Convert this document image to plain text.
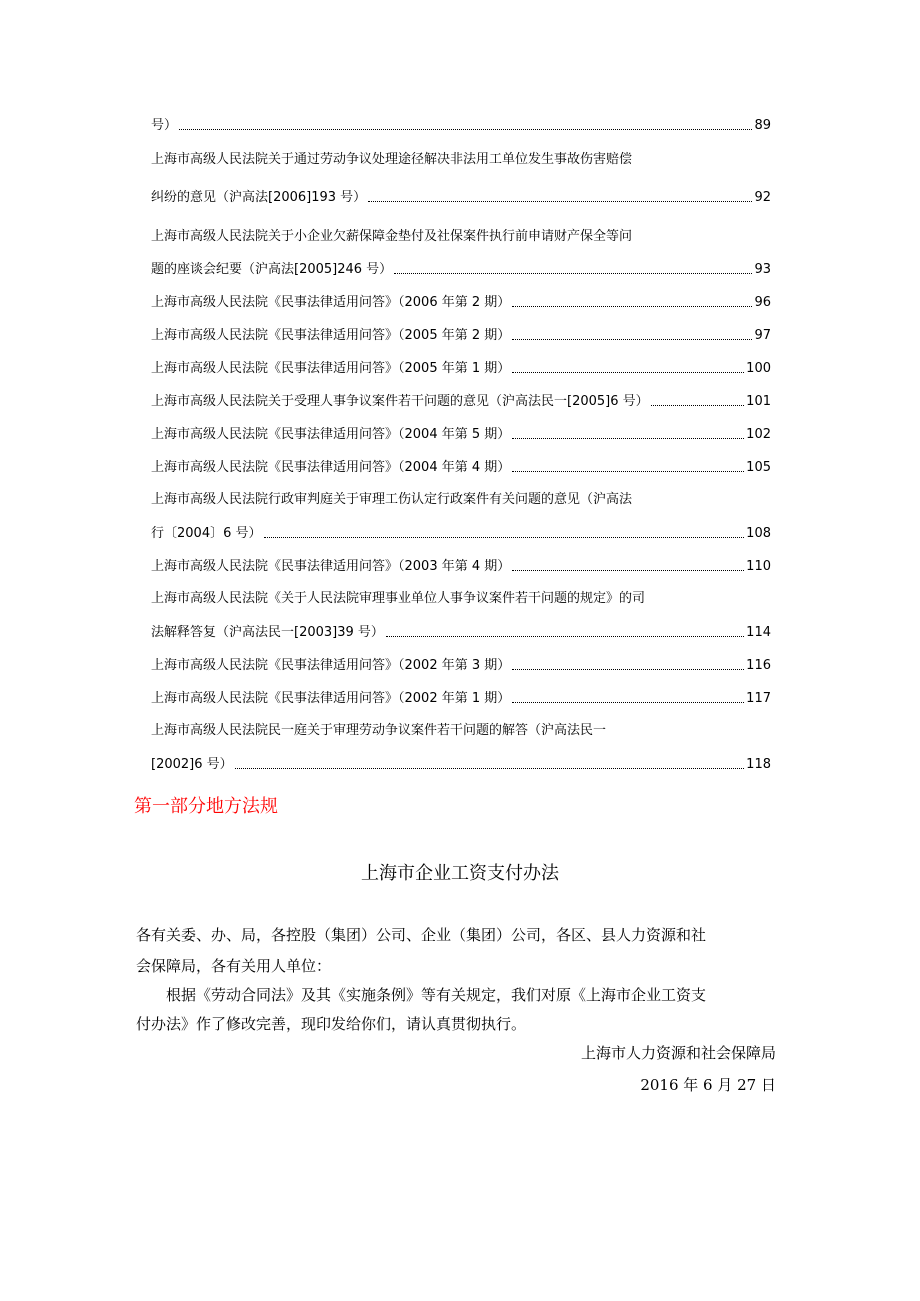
号）	89
上海市高级人民法院关于通过劳动争议处理途径解决非法用工单位发生事故伤害赔偿
纠纷的意见（沪高法[2006]193 号）	92
上海市高级人民法院关于小企业欠薪保障金垫付及社保案件执行前申请财产保全等问
题的座谈会纪要（沪高法[2005]246 号）	93
上海市高级人民法院《民事法律适用问答》（2006 年第 2 期）	96
上海市高级人民法院《民事法律适用问答》（2005 年第 2 期）	97
上海市高级人民法院《民事法律适用问答》（2005 年第 1 期）	100
上海市高级人民法院关于受理人事争议案件若干问题的意见（沪高法民一[2005]6 号）	101
上海市高级人民法院《民事法律适用问答》（2004 年第 5 期）	102
上海市高级人民法院《民事法律适用问答》（2004 年第 4 期）	105
上海市高级人民法院行政审判庭关于审理工伤认定行政案件有关问题的意见（沪高法
行〔2004〕6 号）	108
上海市高级人民法院《民事法律适用问答》（2003 年第 4 期）	110
上海市高级人民法院《关于人民法院审理事业单位人事争议案件若干问题的规定》的司
法解释答复（沪高法民一[2003]39 号）	114
上海市高级人民法院《民事法律适用问答》（2002 年第 3 期）	116
上海市高级人民法院《民事法律适用问答》（2002 年第 1 期）	117
上海市高级人民法院民一庭关于审理劳动争议案件若干问题的解答（沪高法民一
[2002]6 号）	118
第一部分地方法规
上海市企业工资支付办法
各有关委、办、局，各控股（集团）公司、企业（集团）公司，各区、县人力资源和社
会保障局，各有关用人单位：
根据《劳动合同法》及其《实施条例》等有关规定，我们对原《上海市企业工资支
付办法》作了修改完善，现印发给你们，请认真贯彻执行。
上海市人力资源和社会保障局
2016 年 6 月 27 日
